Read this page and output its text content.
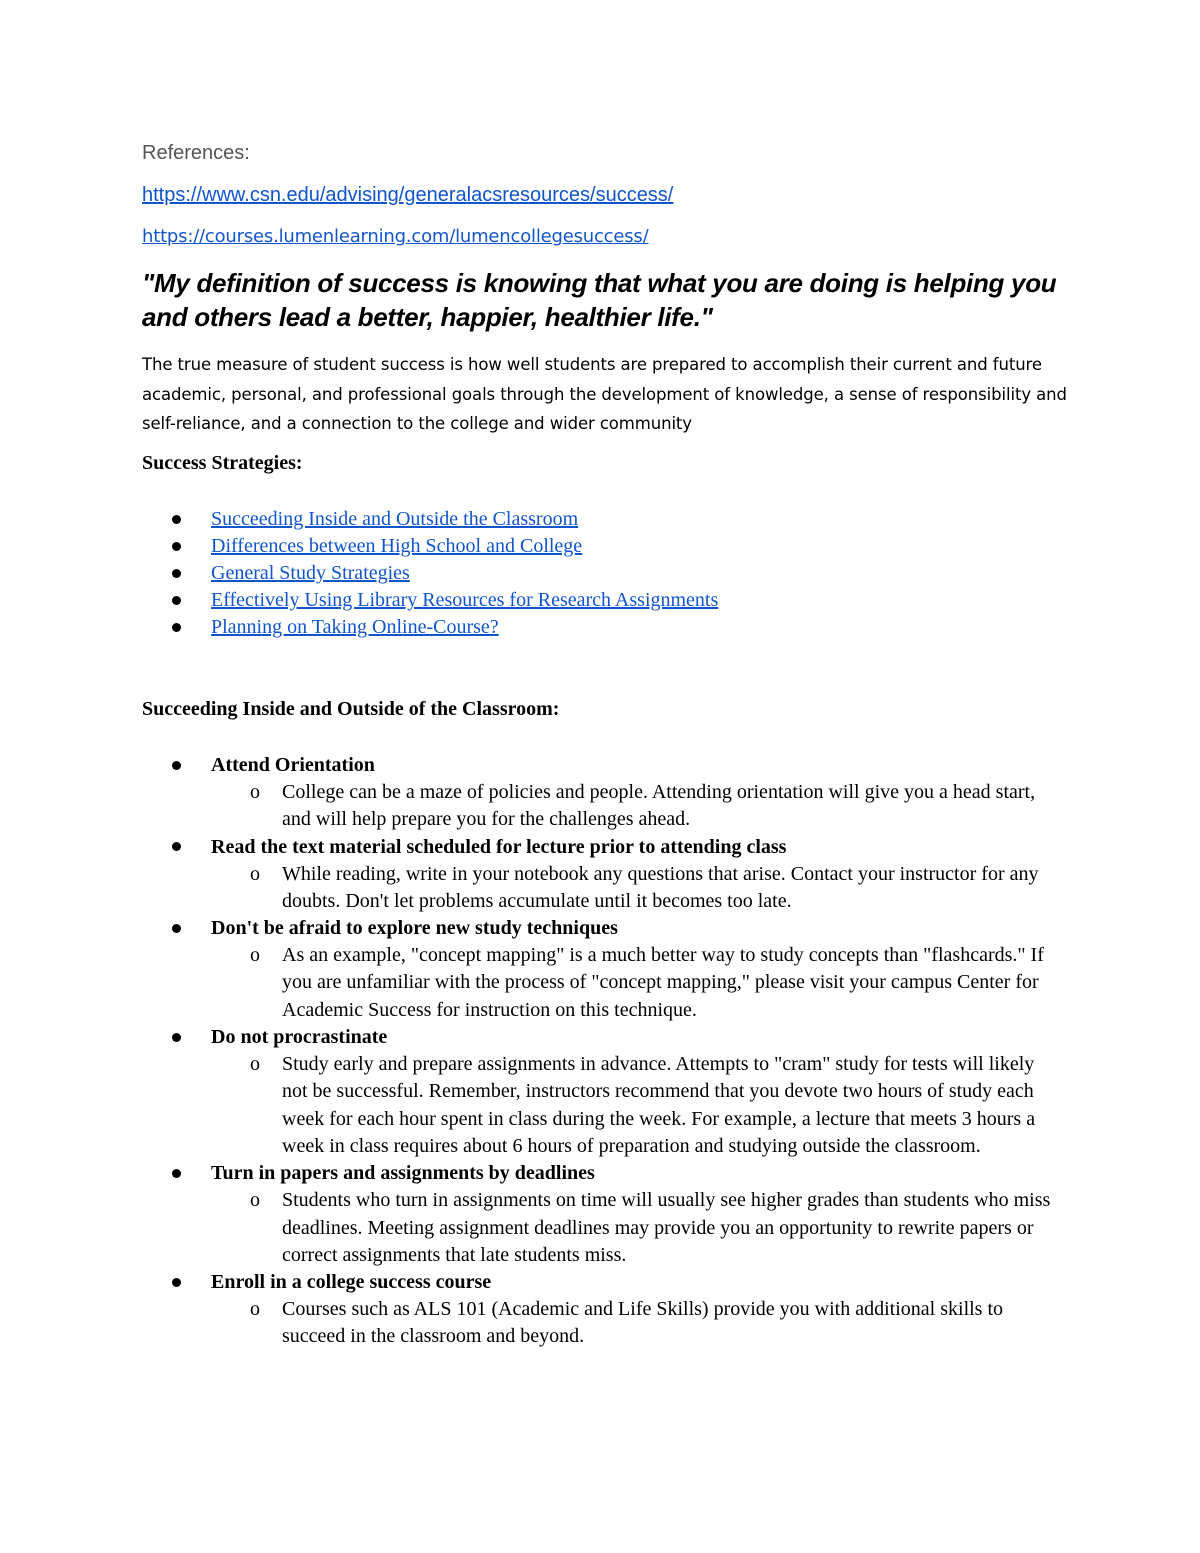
References:
https://www.csn.edu/advising/generalacsresources/success/
https://courses.lumenlearning.com/lumencollegesuccess/
"My definition of success is knowing that what you are doing is helping you and others lead a better, happier, healthier life."
The true measure of student success is how well students are prepared to accomplish their current and future academic, personal, and professional goals through the development of knowledge, a sense of responsibility and self-reliance, and a connection to the college and wider community
Success Strategies:
Succeeding Inside and Outside the Classroom
Differences between High School and College
General Study Strategies
Effectively Using Library Resources for Research Assignments
Planning on Taking Online-Course?
Succeeding Inside and Outside of the Classroom:
Attend Orientation
o College can be a maze of policies and people. Attending orientation will give you a head start, and will help prepare you for the challenges ahead.
Read the text material scheduled for lecture prior to attending class
o While reading, write in your notebook any questions that arise. Contact your instructor for any doubts. Don't let problems accumulate until it becomes too late.
Don't be afraid to explore new study techniques
o As an example, "concept mapping" is a much better way to study concepts than "flashcards." If you are unfamiliar with the process of "concept mapping," please visit your campus Center for Academic Success for instruction on this technique.
Do not procrastinate
o Study early and prepare assignments in advance. Attempts to "cram" study for tests will likely not be successful. Remember, instructors recommend that you devote two hours of study each week for each hour spent in class during the week. For example, a lecture that meets 3 hours a week in class requires about 6 hours of preparation and studying outside the classroom.
Turn in papers and assignments by deadlines
o Students who turn in assignments on time will usually see higher grades than students who miss deadlines. Meeting assignment deadlines may provide you an opportunity to rewrite papers or correct assignments that late students miss.
Enroll in a college success course
o Courses such as ALS 101 (Academic and Life Skills) provide you with additional skills to succeed in the classroom and beyond.
